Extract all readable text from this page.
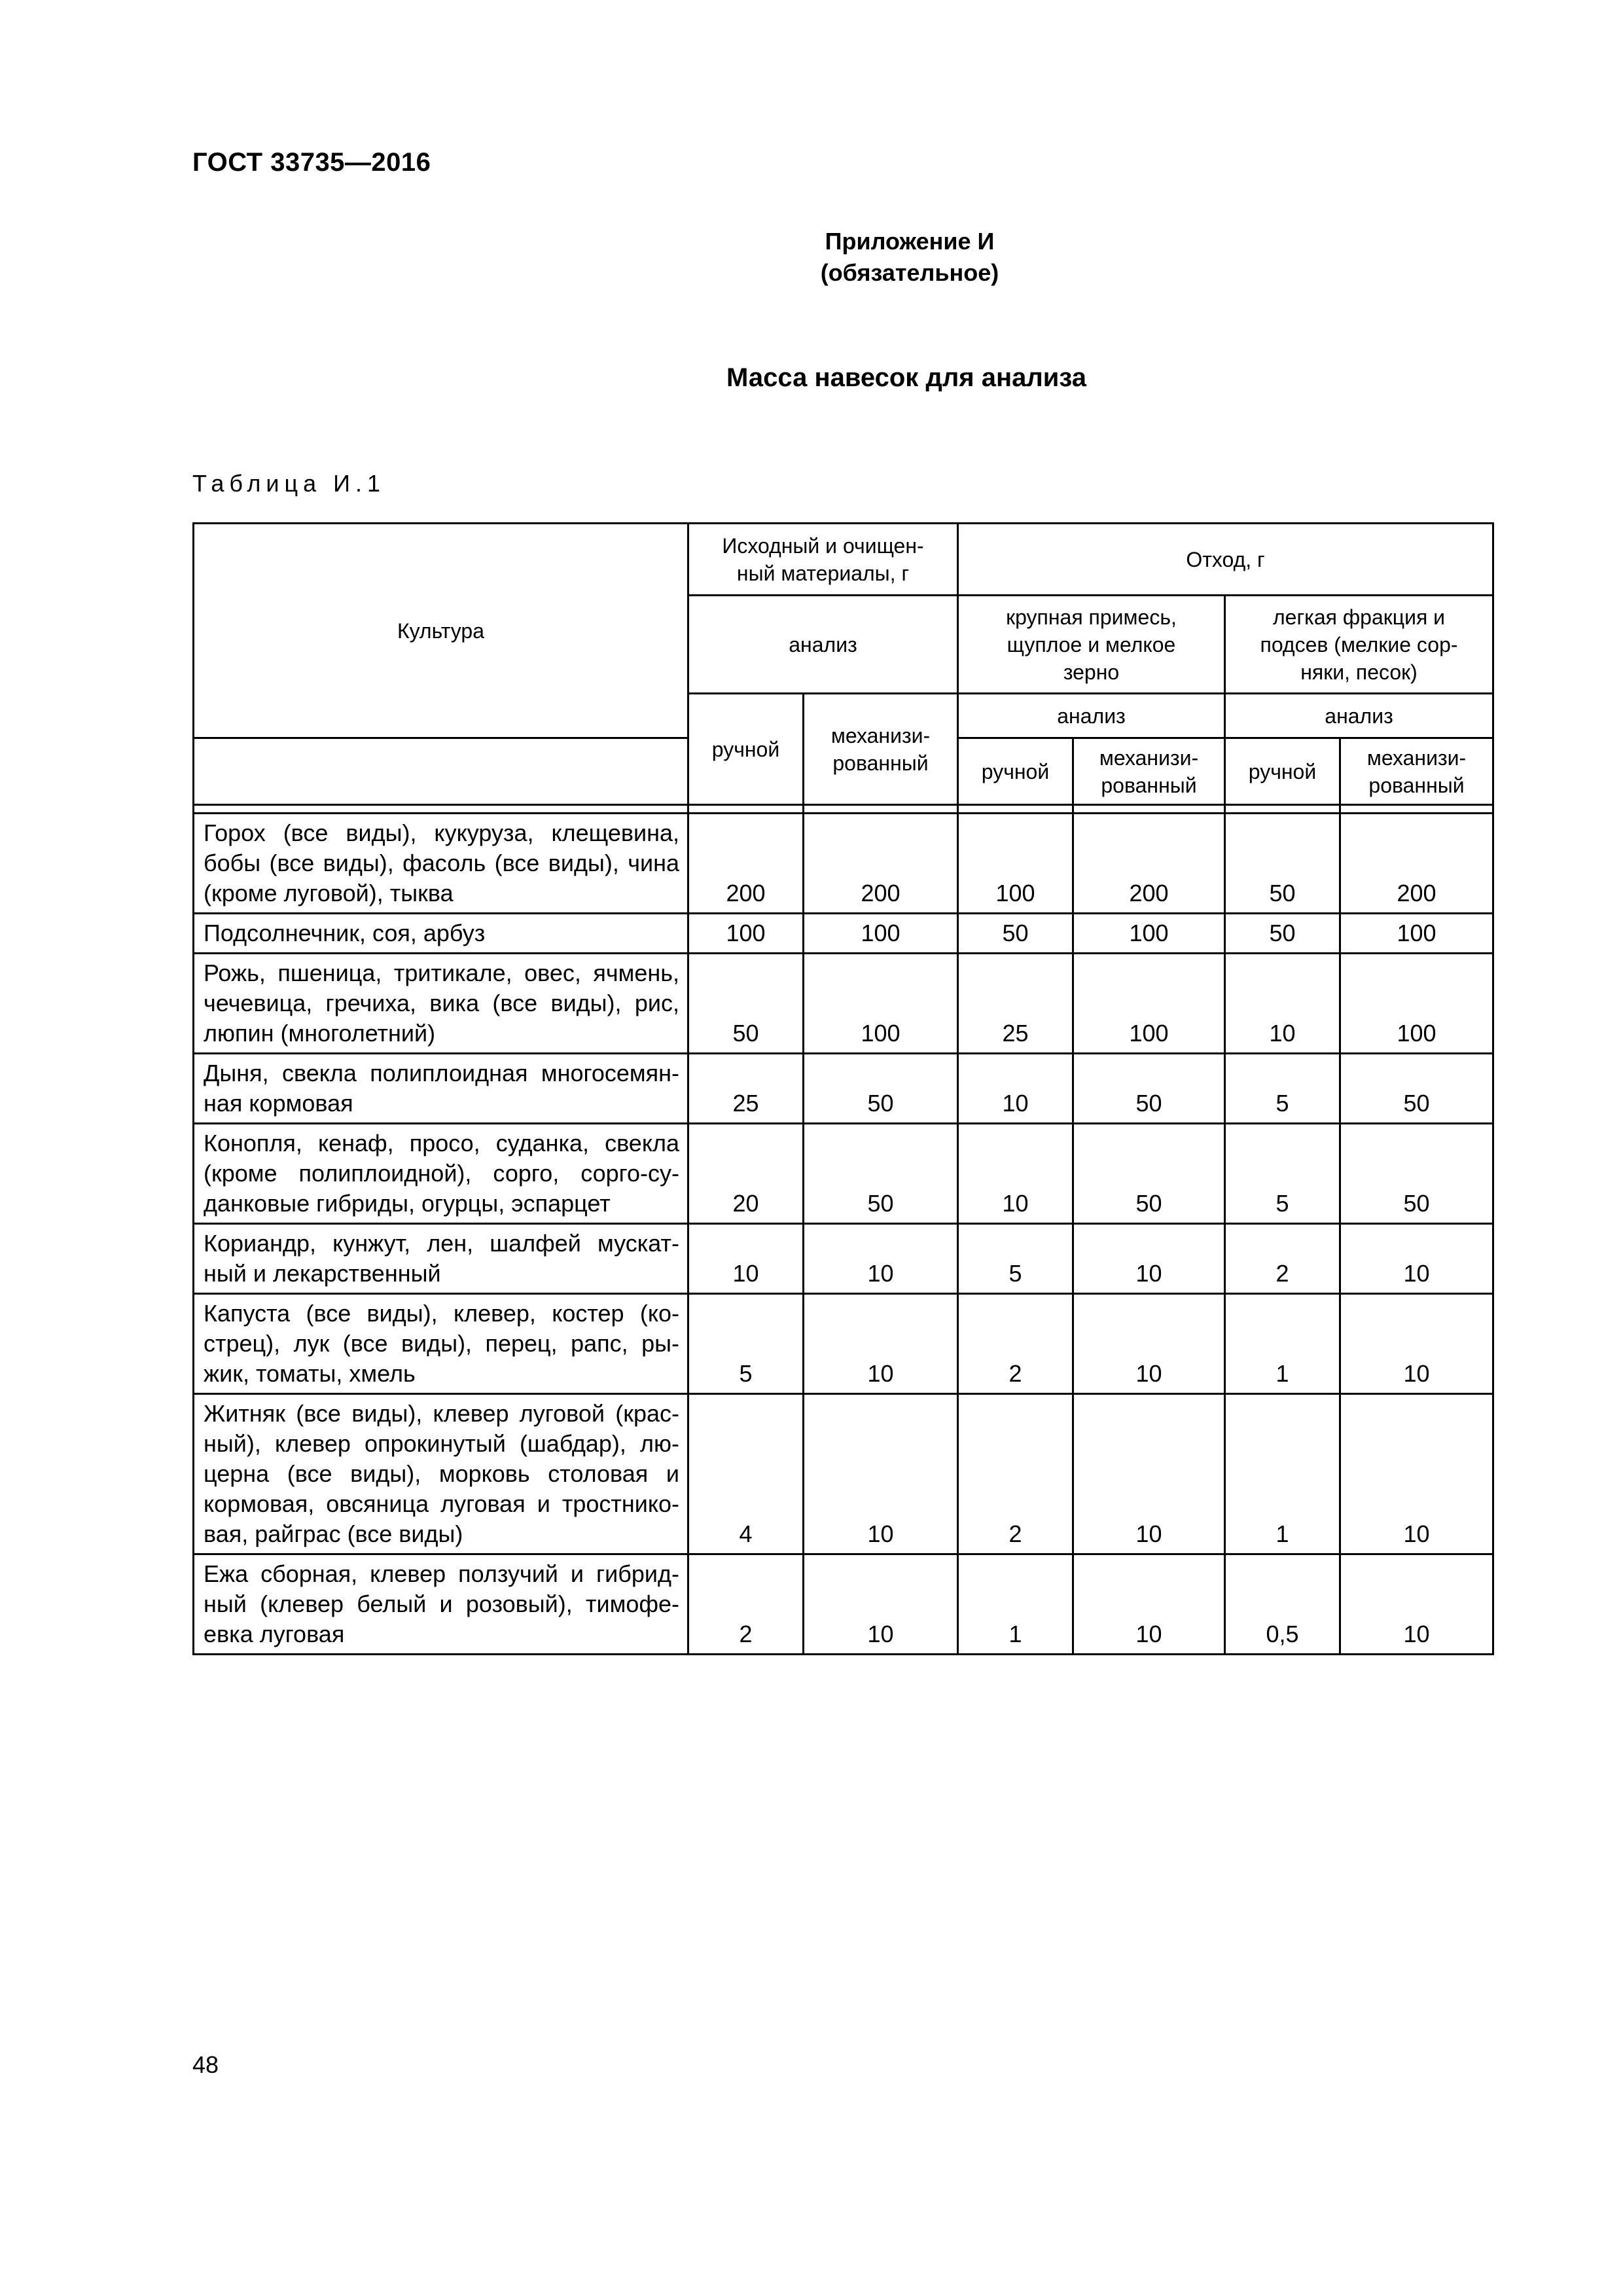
ГОСТ 33735—2016
Приложение И
(обязательное)
Масса навесок для анализа
Таблица И.1
Культура	Исходный и очищен-ный материалы, г		Отход, г			
	анализ		крупная примесь, щуплое и мелкое зерно		легкая фракция и подсев (мелкие сор-няки, песок)	
	ручной	механизи-рованный	анализ		анализ	
			ручной	механизи-рованный	ручной	механизи-рованный

Горох (все виды), кукуруза, клещевина, бобы (все виды), фасоль (все виды), чина (кроме луговой), тыква	200	200	100	200	50	200
Подсолнечник, соя, арбуз	100	100	50	100	50	100
Рожь, пшеница, тритикале, овес, ячмень, чечевица, гречиха, вика (все виды), рис, люпин (многолетний)	50	100	25	100	10	100
Дыня, свекла полиплоидная многосемян-ная кормовая	25	50	10	50	5	50
Конопля, кенаф, просо, суданка, свекла (кроме полиплоидной), сорго, сорго-су-данковые гибриды, огурцы, эспарцет	20	50	10	50	5	50
Кориандр, кунжут, лен, шалфей мускат-ный и лекарственный	10	10	5	10	2	10
Капуста (все виды), клевер, костер (ко-стрец), лук (все виды), перец, рапс, ры-жик, томаты, хмель	5	10	2	10	1	10
Житняк (все виды), клевер луговой (крас-ный), клевер опрокинутый (шабдар), лю-церна (все виды), морковь столовая и кормовая, овсяница луговая и тростнико-вая, райграс (все виды)	4	10	2	10	1	10
Ежа сборная, клевер ползучий и гибрид-ный (клевер белый и розовый), тимофе-евка луговая	2	10	1	10	0,5	10
48
